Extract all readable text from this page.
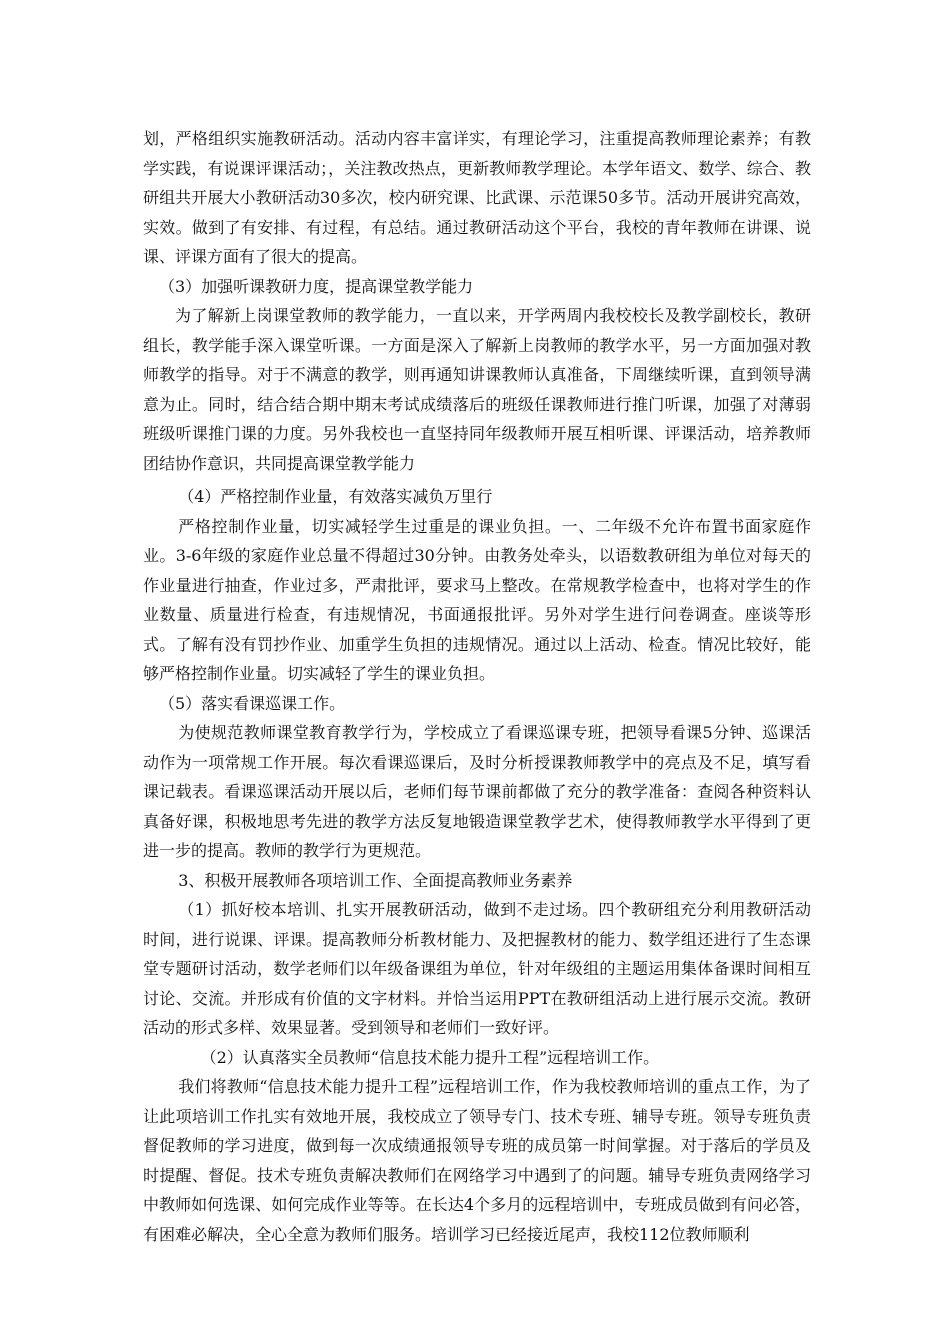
划，严格组织实施教研活动。活动内容丰富详实，有理论学习，注重提高教师理论素养；有教学实践，有说课评课活动；，关注教改热点，更新教师教学理论。本学年语文、数学、综合、教研组共开展大小教研活动30多次，校内研究课、比武课、示范课50多节。活动开展讲究高效，实效。做到了有安排、有过程，有总结。通过教研活动这个平台，我校的青年教师在讲课、说课、评课方面有了很大的提高。

（3）加强听课教研力度，提高课堂教学能力

为了解新上岗课堂教师的教学能力，一直以来，开学两周内我校校长及教学副校长，教研组长，教学能手深入课堂听课。一方面是深入了解新上岗教师的教学水平，另一方面加强对教师教学的指导。对于不满意的教学，则再通知讲课教师认真准备，下周继续听课，直到领导满意为止。同时，结合结合期中期末考试成绩落后的班级任课教师进行推门听课，加强了对薄弱班级听课推门课的力度。另外我校也一直坚持同年级教师开展互相听课、评课活动，培养教师团结协作意识，共同提高课堂教学能力

（4）严格控制作业量，有效落实减负万里行

严格控制作业量，切实减轻学生过重是的课业负担。一、二年级不允许布置书面家庭作业。3-6年级的家庭作业总量不得超过30分钟。由教务处牵头，以语数教研组为单位对每天的作业量进行抽查，作业过多，严肃批评，要求马上整改。在常规教学检查中，也将对学生的作业数量、质量进行检查，有违规情况，书面通报批评。另外对学生进行问卷调查。座谈等形式。了解有没有罚抄作业、加重学生负担的违规情况。通过以上活动、检查。情况比较好，能够严格控制作业量。切实减轻了学生的课业负担。

（5）落实看课巡课工作。

为使规范教师课堂教育教学行为，学校成立了看课巡课专班，把领导看课5分钟、巡课活动作为一项常规工作开展。每次看课巡课后，及时分析授课教师教学中的亮点及不足，填写看课记载表。看课巡课活动开展以后，老师们每节课前都做了充分的教学准备：查阅各种资料认真备好课，积极地思考先进的教学方法反复地锻造课堂教学艺术，使得教师教学水平得到了更进一步的提高。教师的教学行为更规范。

3、积极开展教师各项培训工作、全面提高教师业务素养

（1）抓好校本培训、扎实开展教研活动，做到不走过场。四个教研组充分利用教研活动时间，进行说课、评课。提高教师分析教材能力、及把握教材的能力、数学组还进行了生态课堂专题研讨活动，数学老师们以年级备课组为单位，针对年级组的主题运用集体备课时间相互讨论、交流。并形成有价值的文字材料。并恰当运用PPT在教研组活动上进行展示交流。教研活动的形式多样、效果显著。受到领导和老师们一致好评。

（2）认真落实全员教师“信息技术能力提升工程”远程培训工作。

我们将教师“信息技术能力提升工程”远程培训工作，作为我校教师培训的重点工作，为了让此项培训工作扎实有效地开展，我校成立了领导专门、技术专班、辅导专班。领导专班负责督促教师的学习进度，做到每一次成绩通报领导专班的成员第一时间掌握。对于落后的学员及时提醒、督促。技术专班负责解决教师们在网络学习中遇到了的问题。辅导专班负责网络学习中教师如何选课、如何完成作业等等。在长达4个多月的远程培训中，专班成员做到有问必答，有困难必解决，全心全意为教师们服务。培训学习已经接近尾声，我校112位教师顺利
